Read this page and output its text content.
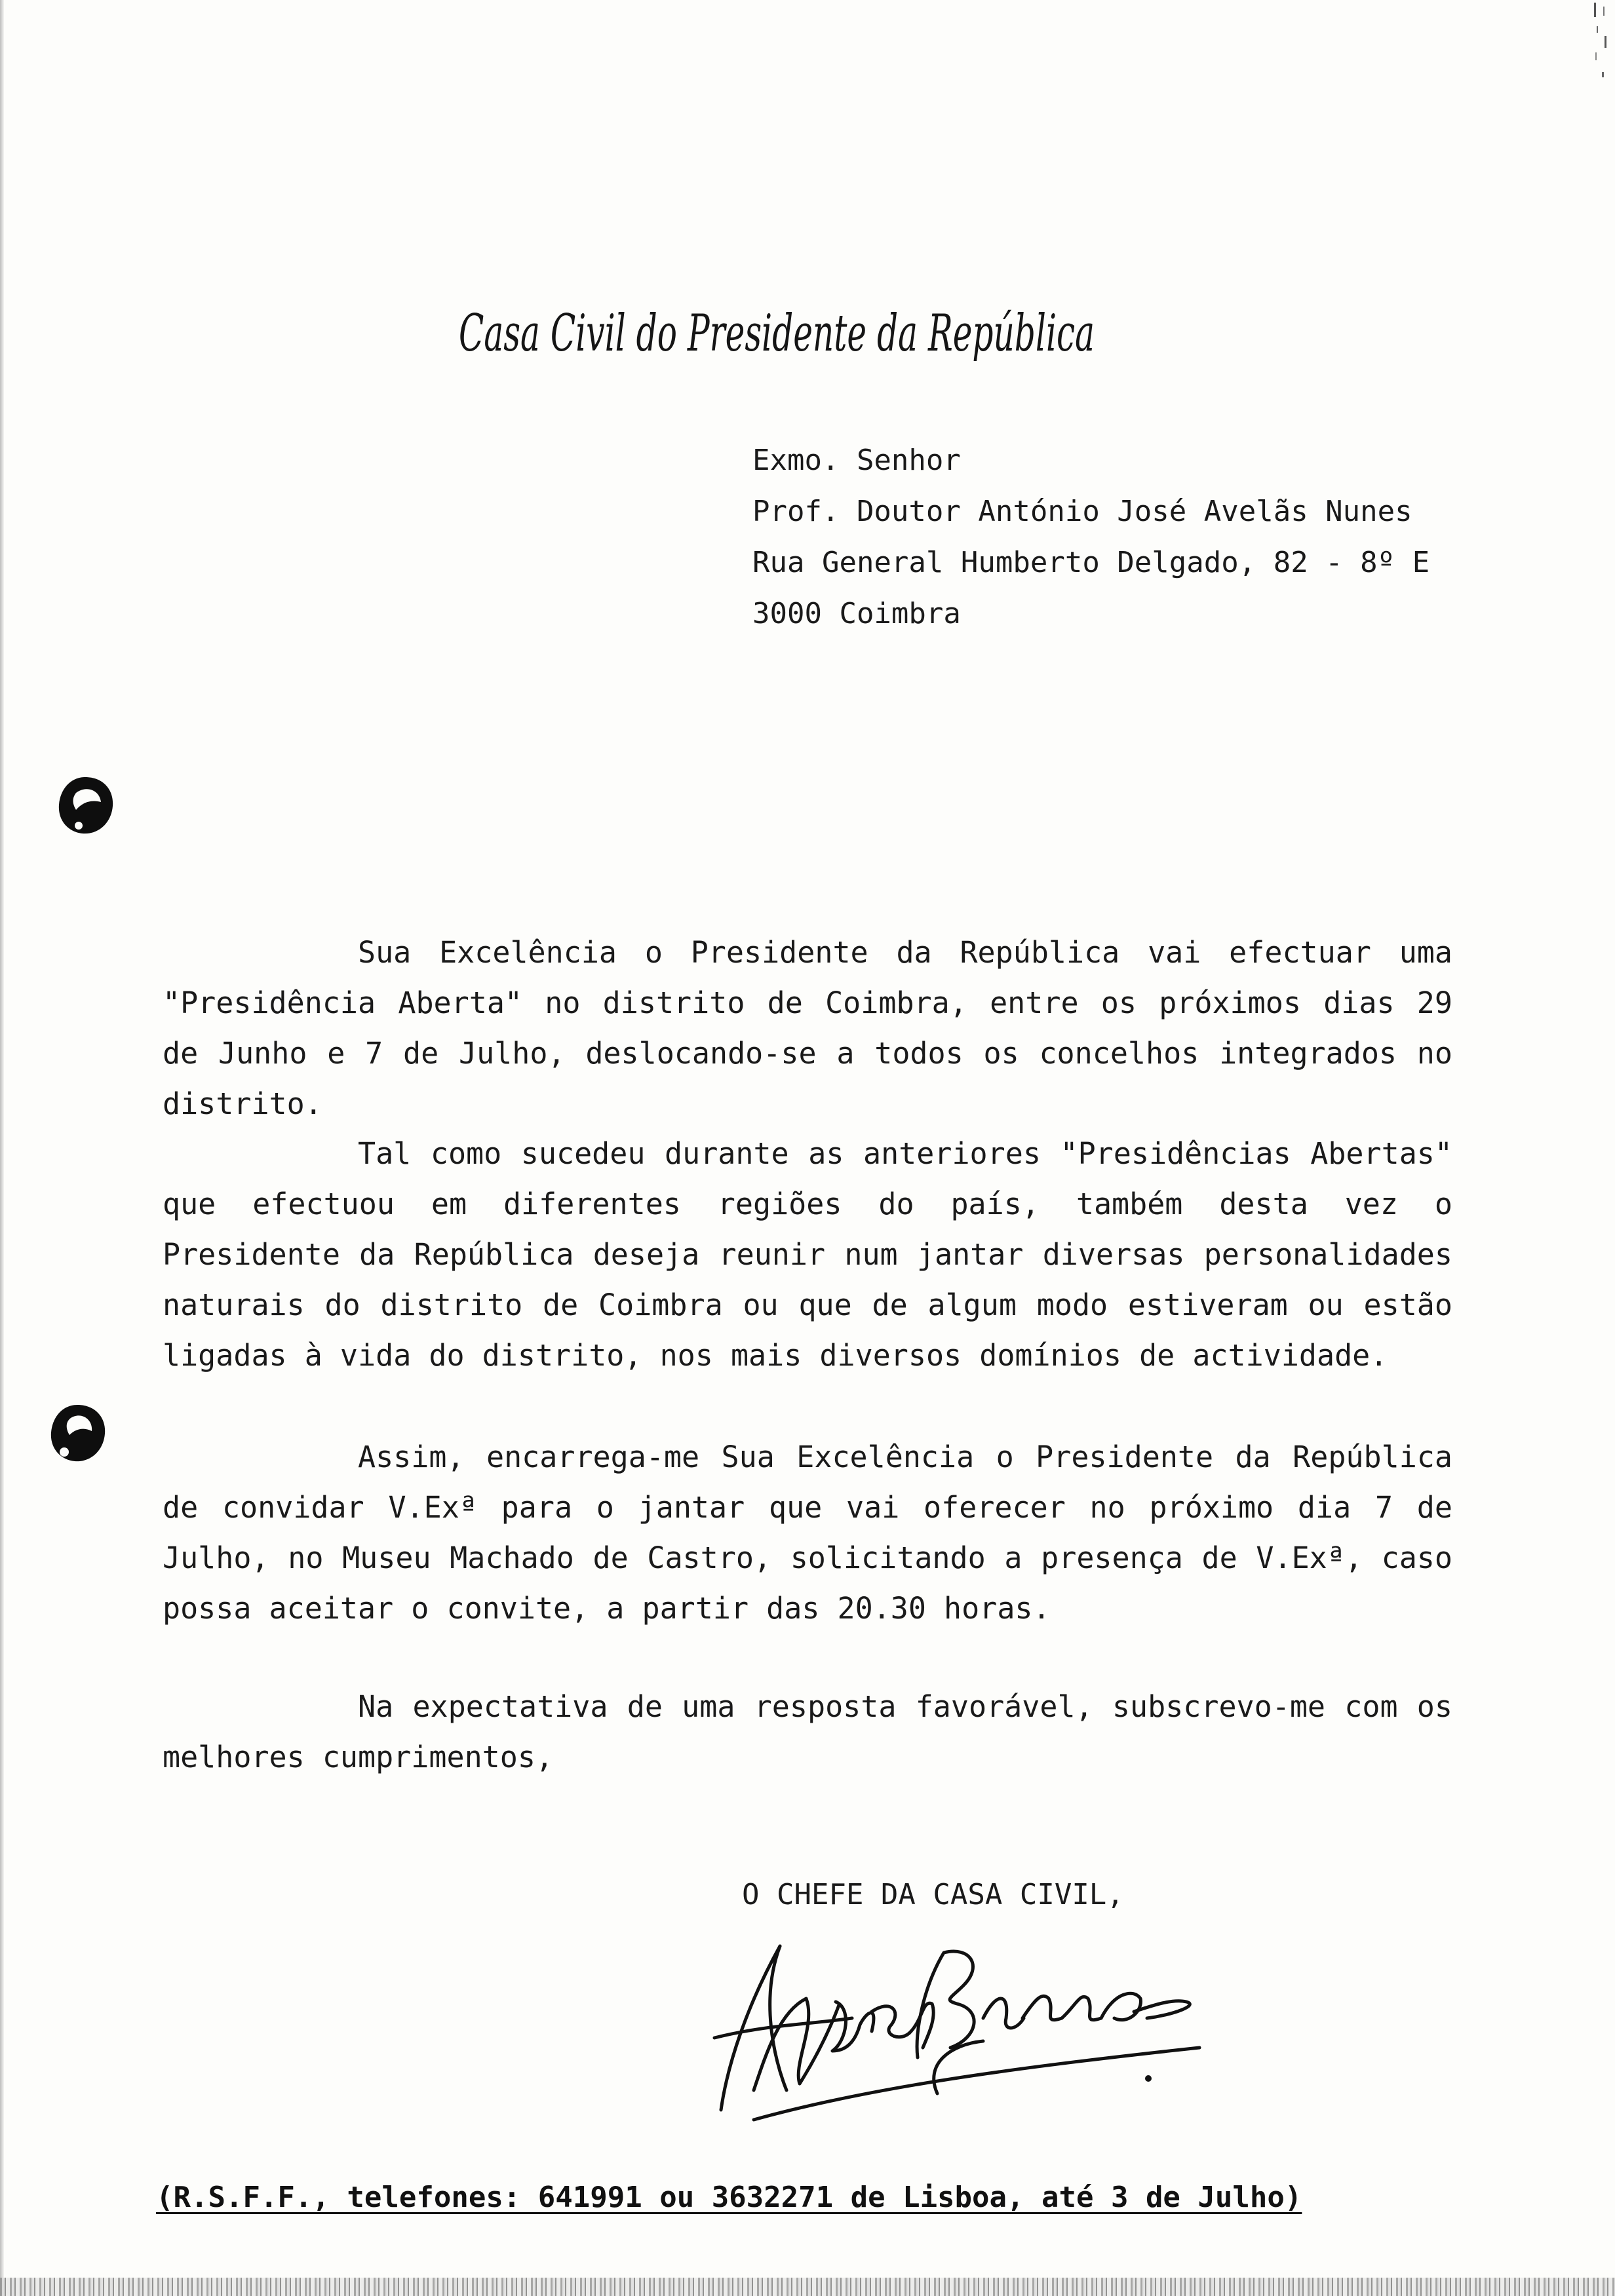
Casa Civil do Presidente da República
Exmo. Senhor
Prof. Doutor António José Avelãs Nunes
Rua General Humberto Delgado, 82 - 8º E
3000 Coimbra

Sua Excelência o Presidente da República vai efectuar uma "Presidência Aberta" no distrito de Coimbra, entre os próximos dias 29 de Junho e 7 de Julho, deslocando-se a todos os concelhos integrados no distrito.

Tal como sucedeu durante as anteriores "Presidências Abertas" que efectuou em diferentes regiões do país, também desta vez o Presidente da República deseja reunir num jantar diversas personalidades naturais do distrito de Coimbra ou que de algum modo estiveram ou estão ligadas à vida do distrito, nos mais diversos domínios de actividade.

Assim, encarrega-me Sua Excelência o Presidente da República de convidar V.Exª para o jantar que vai oferecer no próximo dia 7 de Julho, no Museu Machado de Castro, solicitando a presença de V.Exª, caso possa aceitar o convite, a partir das 20.30 horas.

Na expectativa de uma resposta favorável, subscrevo-me com os melhores cumprimentos,

O CHEFE DA CASA CIVIL,
(R.S.F.F., telefones: 641991 ou 3632271 de Lisboa, até 3 de Julho)
